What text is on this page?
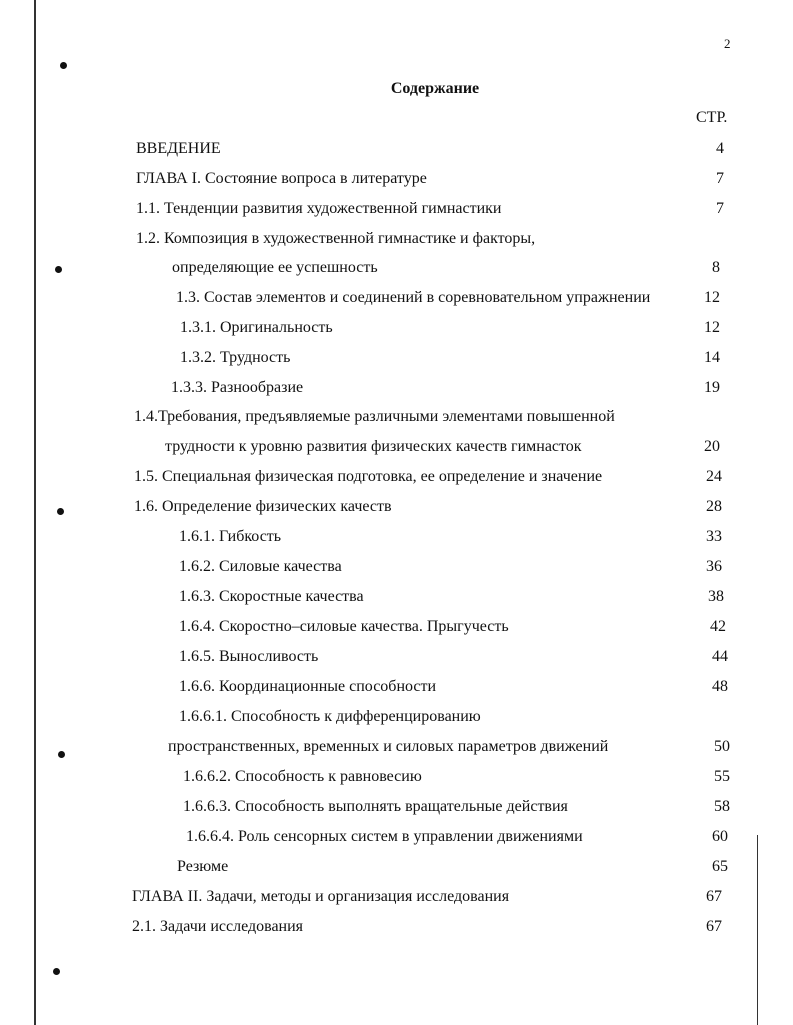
2
Содержание
СТР.
ВВЕДЕНИЕ	4
ГЛАВА I. Состояние вопроса в литературе	7
1.1. Тенденции развития художественной гимнастики	7
1.2. Композиция в художественной гимнастике и факторы,
определяющие ее успешность	8
1.3. Состав элементов и соединений в соревновательном упражнении	12
1.3.1. Оригинальность	12
1.3.2. Трудность	14
1.3.3. Разнообразие	19
1.4.Требования, предъявляемые различными элементами повышенной
трудности к уровню развития физических качеств гимнасток	20
1.5. Специальная физическая подготовка, ее определение и значение	24
1.6. Определение физических качеств	28
1.6.1. Гибкость	33
1.6.2. Силовые качества	36
1.6.3. Скоростные качества	38
1.6.4. Скоростно–силовые качества. Прыгучесть	42
1.6.5. Выносливость	44
1.6.6. Координационные способности	48
1.6.6.1. Способность к дифференцированию
пространственных, временных и силовых параметров движений	50
1.6.6.2. Способность к равновесию	55
1.6.6.3. Способность выполнять вращательные действия	58
1.6.6.4. Роль сенсорных систем в управлении движениями	60
Резюме	65
ГЛАВА II. Задачи, методы и организация исследования	67
2.1. Задачи исследования	67
